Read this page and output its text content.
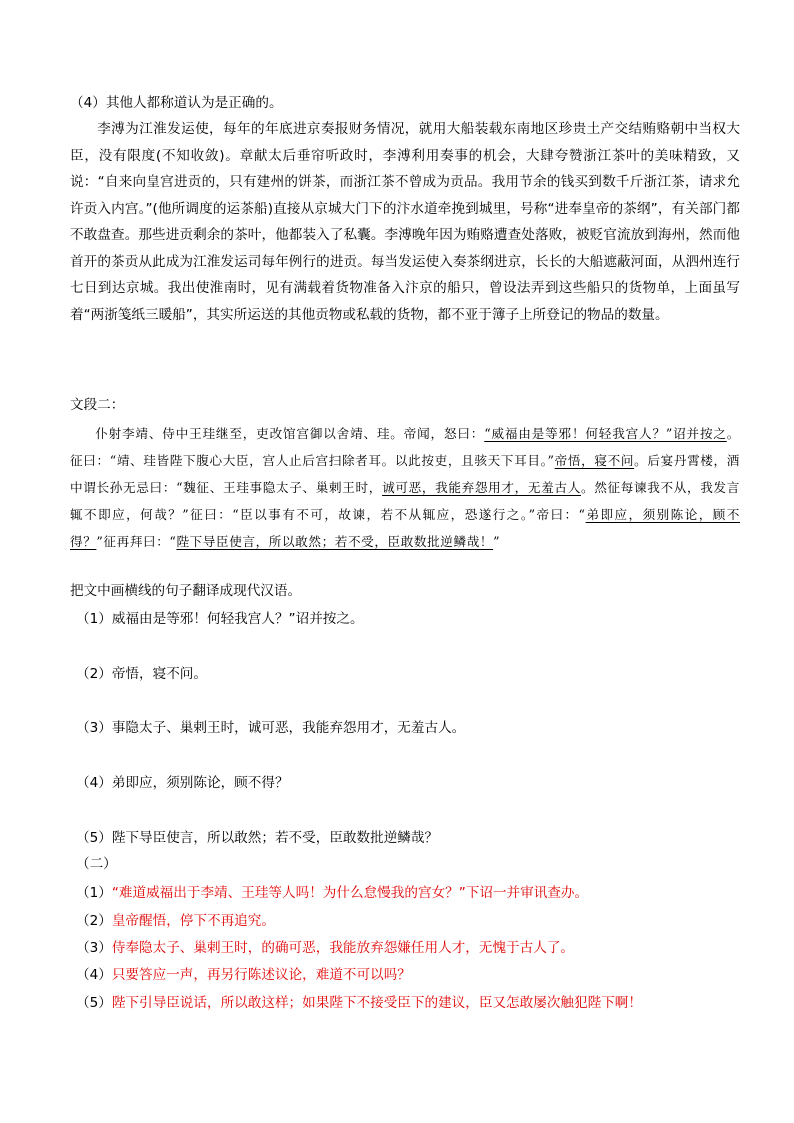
（4）其他人都称道认为是正确的。

李溥为江淮发运使，每年的年底进京奏报财务情况，就用大船装载东南地区珍贵土产交结贿赂朝中当权大臣，没有限度(不知收敛)。章献太后垂帘听政时，李溥利用奏事的机会，大肆夸赞浙江茶叶的美味精致，又说：“自来向皇宫进贡的，只有建州的饼茶，而浙江茶不曾成为贡品。我用节余的钱买到数千斤浙江茶，请求允许贡入内宫。”(他所调度的运茶船)直接从京城大门下的汴水道牵挽到城里，号称“进奉皇帝的茶纲”，有关部门都不敢盘查。那些进贡剩余的茶叶，他都装入了私囊。李溥晚年因为贿赂遭查处落败，被贬官流放到海州，然而他首开的茶贡从此成为江淮发运司每年例行的进贡。每当发运使入奏茶纲进京，长长的大船遮蔽河面，从泗州连行七日到达京城。我出使淮南时，见有满载着货物准备入汴京的船只，曾设法弄到这些船只的货物单，上面虽写着“两浙笺纸三暖船”，其实所运送的其他贡物或私载的货物，都不亚于簿子上所登记的物品的数量。

文段二：

仆射李靖、侍中王珪继至，吏改馆宫御以舍靖、珪。帝闻，怒曰：“威福由是等邪！何轻我宫人？”诏并按之。征曰：“靖、珪皆陛下腹心大臣，宫人止后宫扫除者耳。以此按吏，且骇天下耳目。”帝悟，寝不问。后宴丹霄楼，酒中谓长孙无忌曰：“魏征、王珪事隐太子、巢剌王时，诚可恶，我能弃怨用才，无羞古人。然征每谏我不从，我发言辄不即应，何哉？”征曰：“臣以事有不可，故谏，若不从辄应，恐遂行之。”帝曰：“弟即应，须别陈论，顾不得？”征再拜曰：“陛下导臣使言，所以敢然；若不受，臣敢数批逆鳞哉！”

把文中画横线的句子翻译成现代汉语。

（1）威福由是等邪！何轻我宫人？”诏并按之。
（2）帝悟，寝不问。
（3）事隐太子、巢剌王时，诚可恶，我能弃怨用才，无羞古人。
（4）弟即应，须别陈论，顾不得？
（5）陛下导臣使言，所以敢然；若不受，臣敢数批逆鳞哉？
（二）
（1）“难道威福出于李靖、王珪等人吗！为什么怠慢我的宫女？”下诏一并审讯查办。
（2）皇帝醒悟，停下不再追究。
（3）侍奉隐太子、巢剌王时，的确可恶，我能放弃怨嫌任用人才，无愧于古人了。
（4）只要答应一声，再另行陈述议论，难道不可以吗？
（5）陛下引导臣说话，所以敢这样；如果陛下不接受臣下的建议，臣又怎敢屡次触犯陛下啊！
